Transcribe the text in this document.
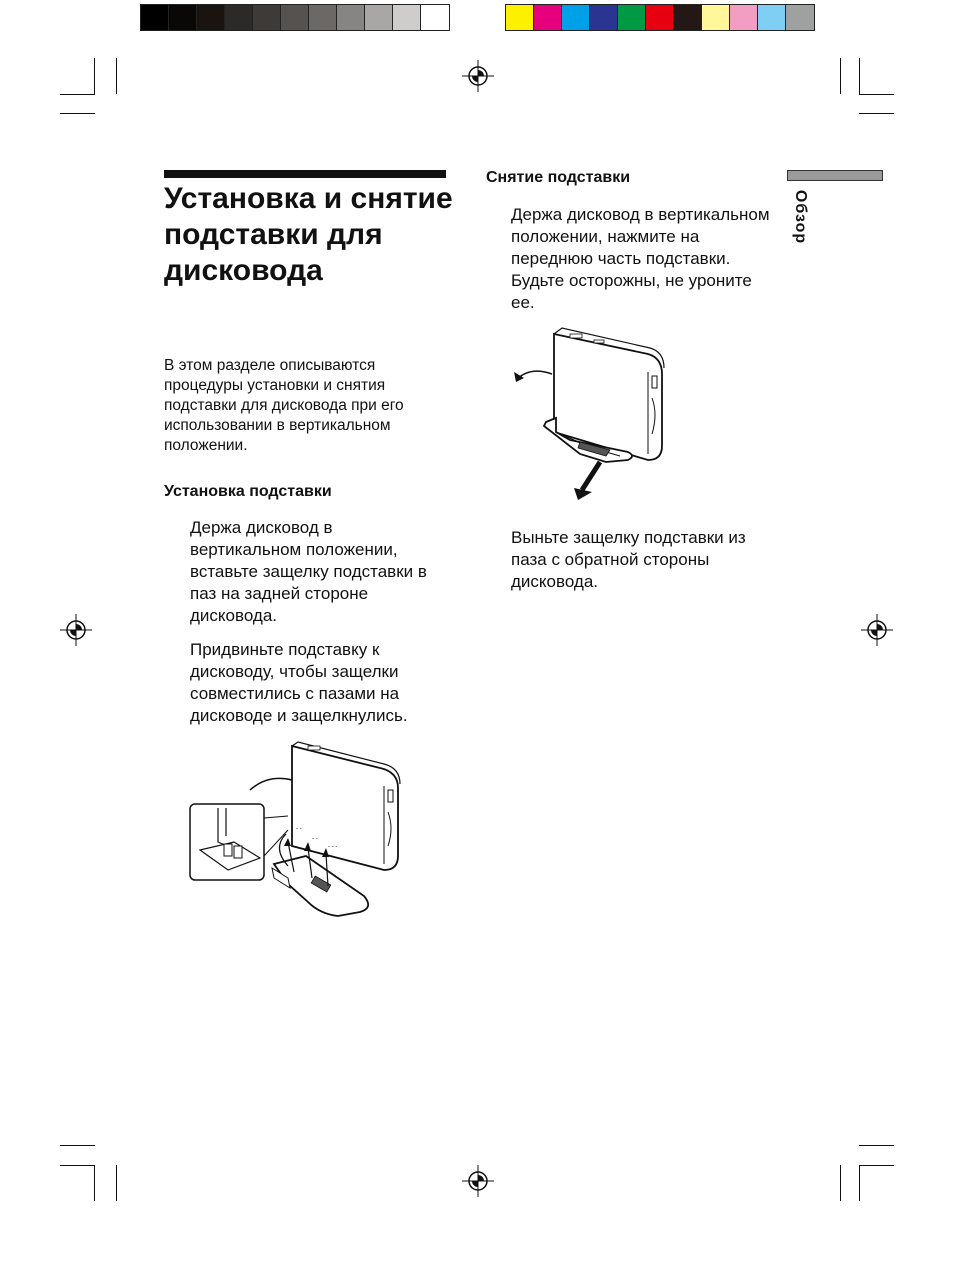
Обзор
Установка и снятие подставки для дисковода

В этом разделе описываются процедуры установки и снятия подставки для дисковода при его использовании в вертикальном положении.

Установка подставки

Держа дисковод в вертикальном положении, вставьте защелку подставки в паз на задней стороне дисковода.

Придвиньте подставку к дисководу, чтобы защелки совместились с пазами на дисководе и защелкнулись.

- -
- -
- - -
Снятие подставки

Держа дисковод в вертикальном положении, нажмите на переднюю часть подставки. Будьте осторожны, не уроните ее.

Выньте защелку подставки из паза с обратной стороны дисковода.
